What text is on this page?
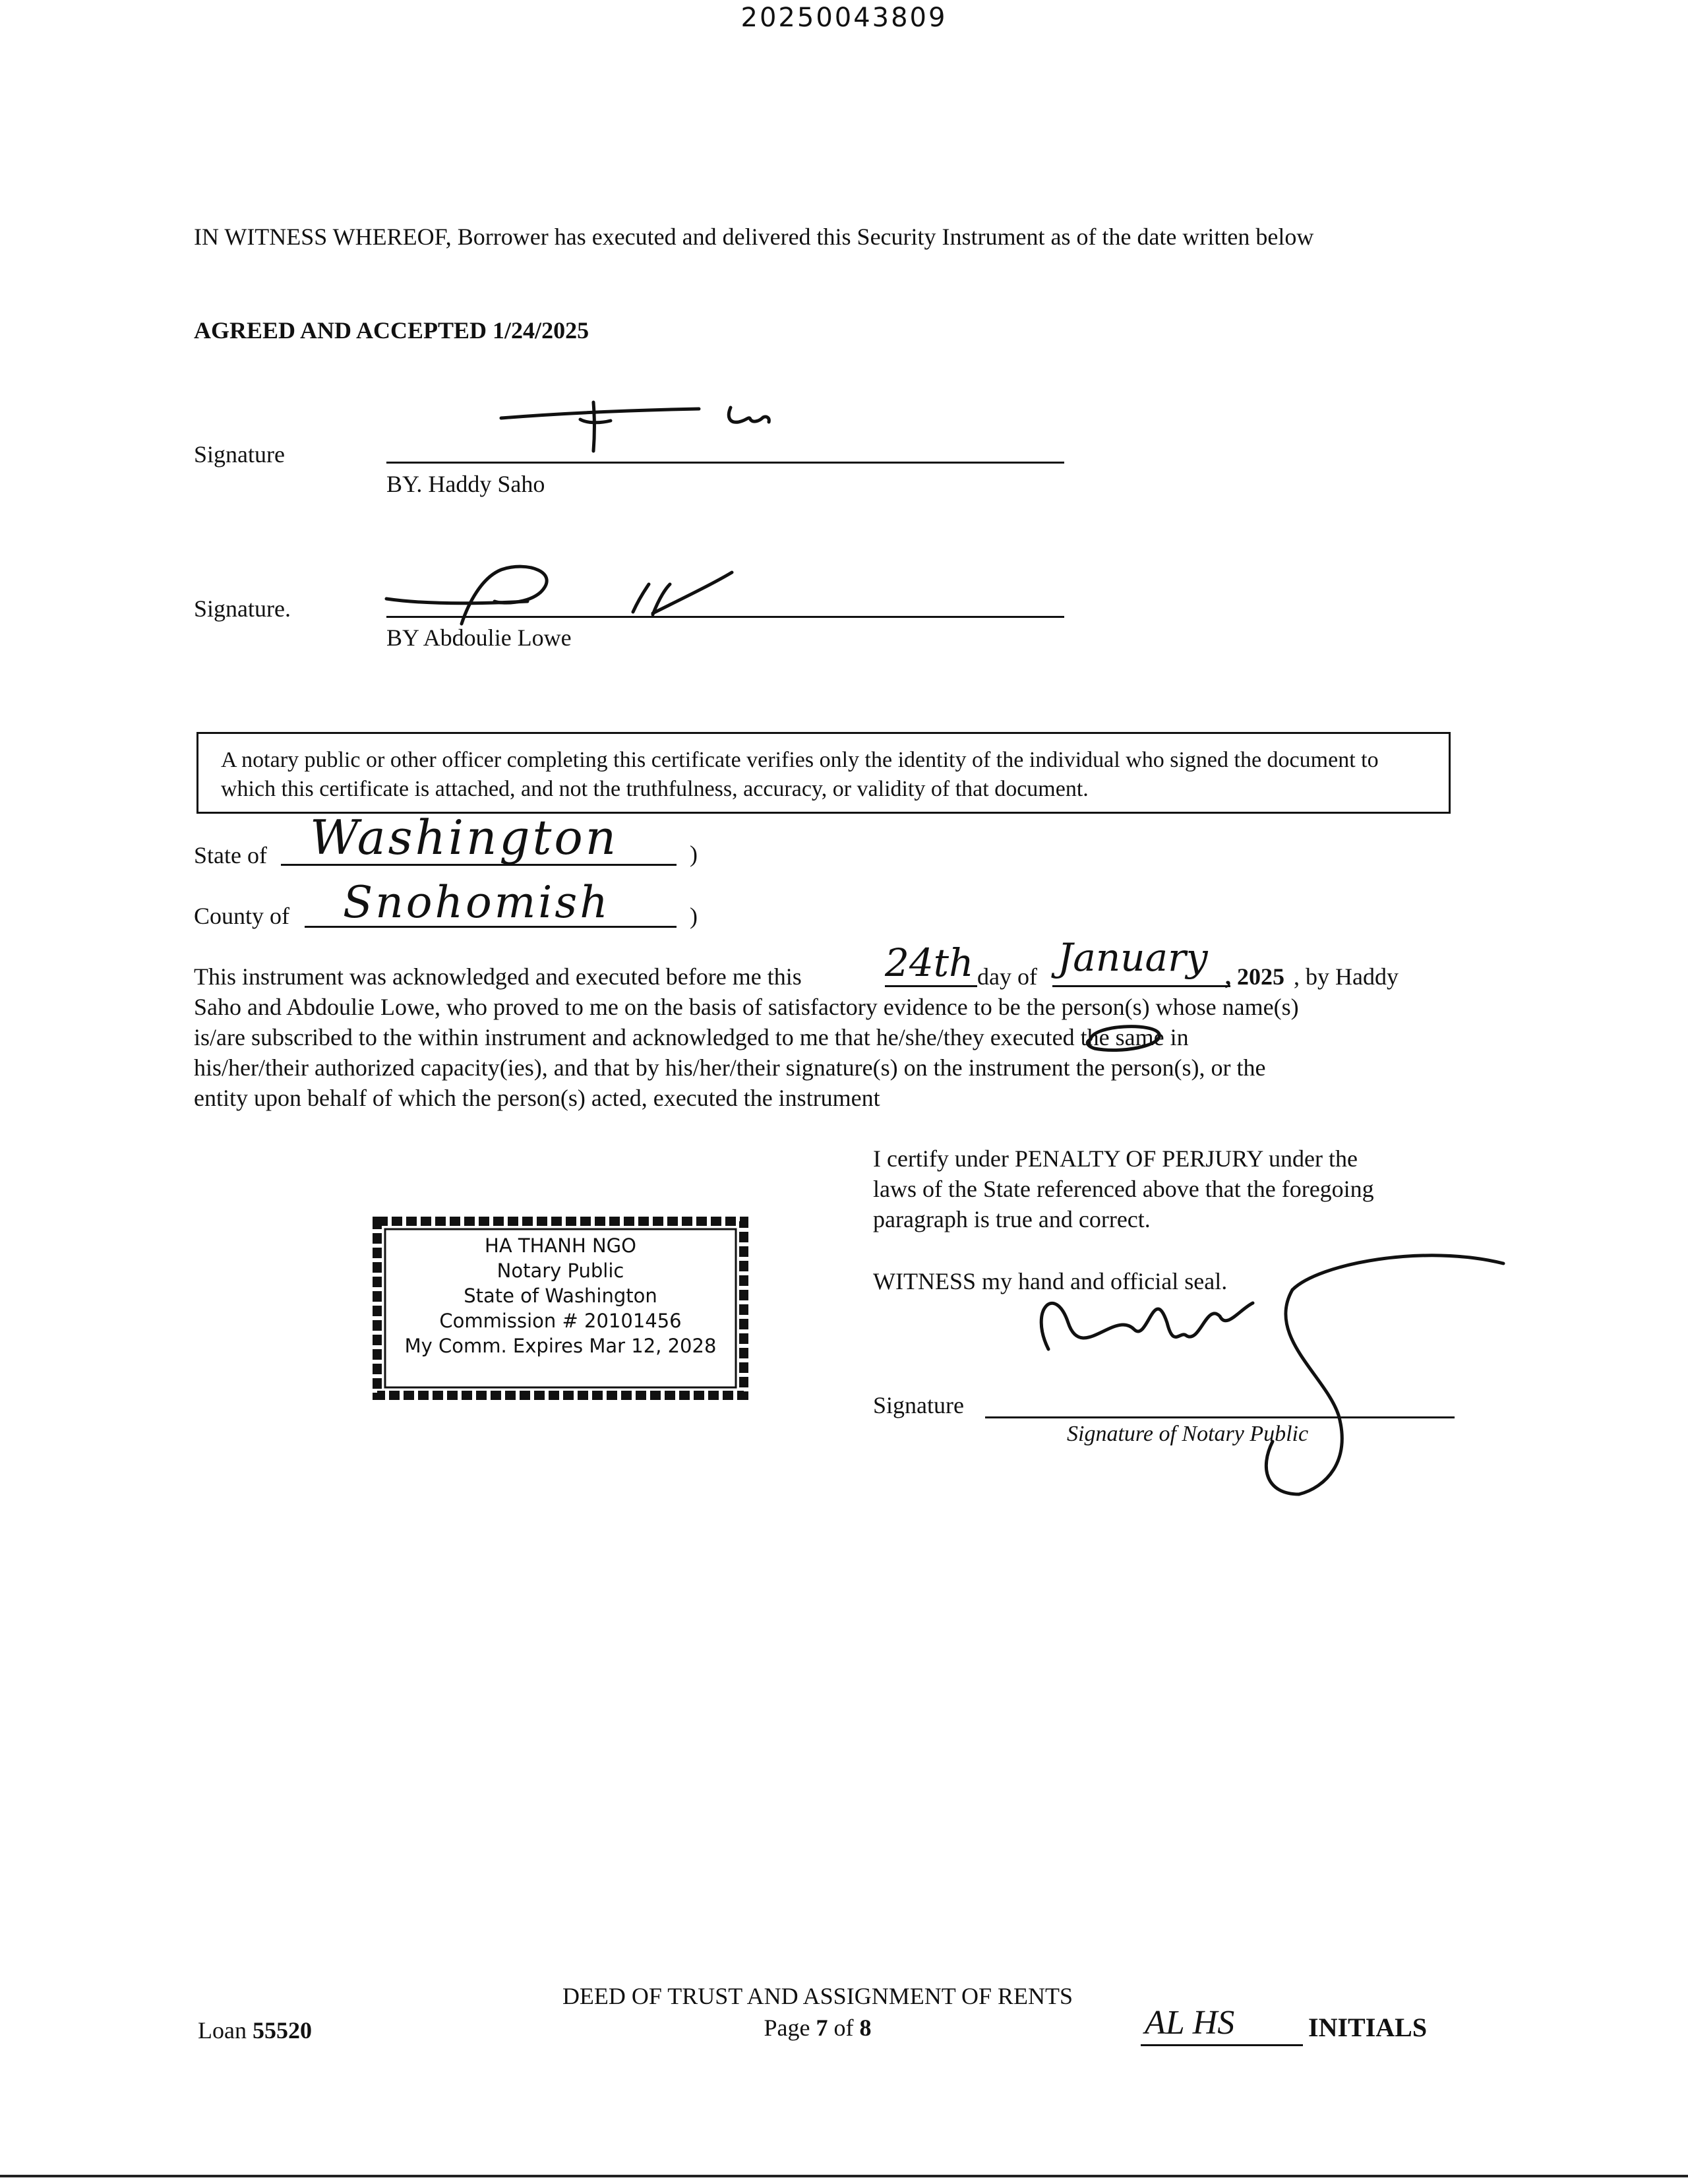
20250043809
IN WITNESS WHEREOF, Borrower has executed and delivered this Security Instrument as of the date written below
AGREED AND ACCEPTED 1/24/2025
Signature
BY. Haddy Saho
Signature.
BY Abdoulie Lowe
A notary public or other officer completing this certificate verifies only the identity of the individual who signed the document to which this certificate is attached, and not the truthfulness, accuracy, or validity of that document.
State of Washington	)
County of Snohomish	)
This instrument was acknowledged and executed before me this 24th day of January , 2025 , by Haddy
Saho and Abdoulie Lowe, who proved to me on the basis of satisfactory evidence to be the person(s) whose name(s)
is/are subscribed to the within instrument and acknowledged to me that he/she/they executed the same in
his/her/their authorized capacity(ies), and that by his/her/their signature(s) on the instrument the person(s), or the
entity upon behalf of which the person(s) acted, executed the instrument
I certify under PENALTY OF PERJURY under the
laws of the State referenced above that the foregoing
paragraph is true and correct.
WITNESS my hand and official seal.
Signature
Signature of Notary Public
HA THANH NGO
Notary Public
State of Washington
Commission # 20101456
My Comm. Expires Mar 12, 2028
Loan 55520
DEED OF TRUST AND ASSIGNMENT OF RENTS
Page 7 of 8	AL HS	INITIALS
